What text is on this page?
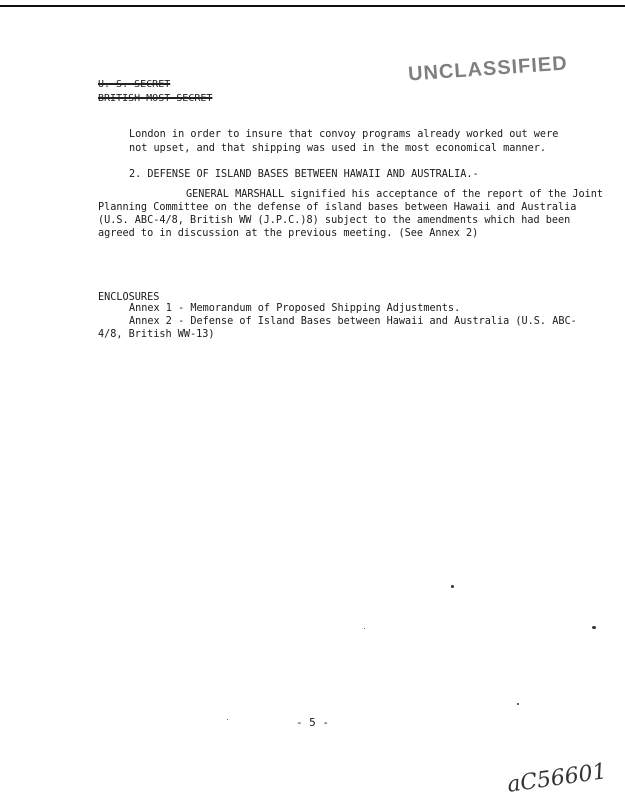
UNCLASSIFIED
U. S. SECRET
BRITISH MOST SECRET
London in order to insure that convoy programs already worked out were
not upset, and that shipping was used in the most economical manner.
2. DEFENSE OF ISLAND BASES BETWEEN HAWAII AND AUSTRALIA.-
GENERAL MARSHALL signified his acceptance of the report of the Joint
Planning Committee on the defense of island bases between Hawaii and Australia
(U.S. ABC-4/8, British WW (J.P.C.)8) subject to the amendments which had been
agreed to in discussion at the previous meeting. (See Annex 2)
ENCLOSURES
Annex 1 - Memorandum of Proposed Shipping Adjustments.
Annex 2 - Defense of Island Bases between Hawaii and Australia (U.S. ABC-
4/8, British WW-13)
- 5 -
aC56601
